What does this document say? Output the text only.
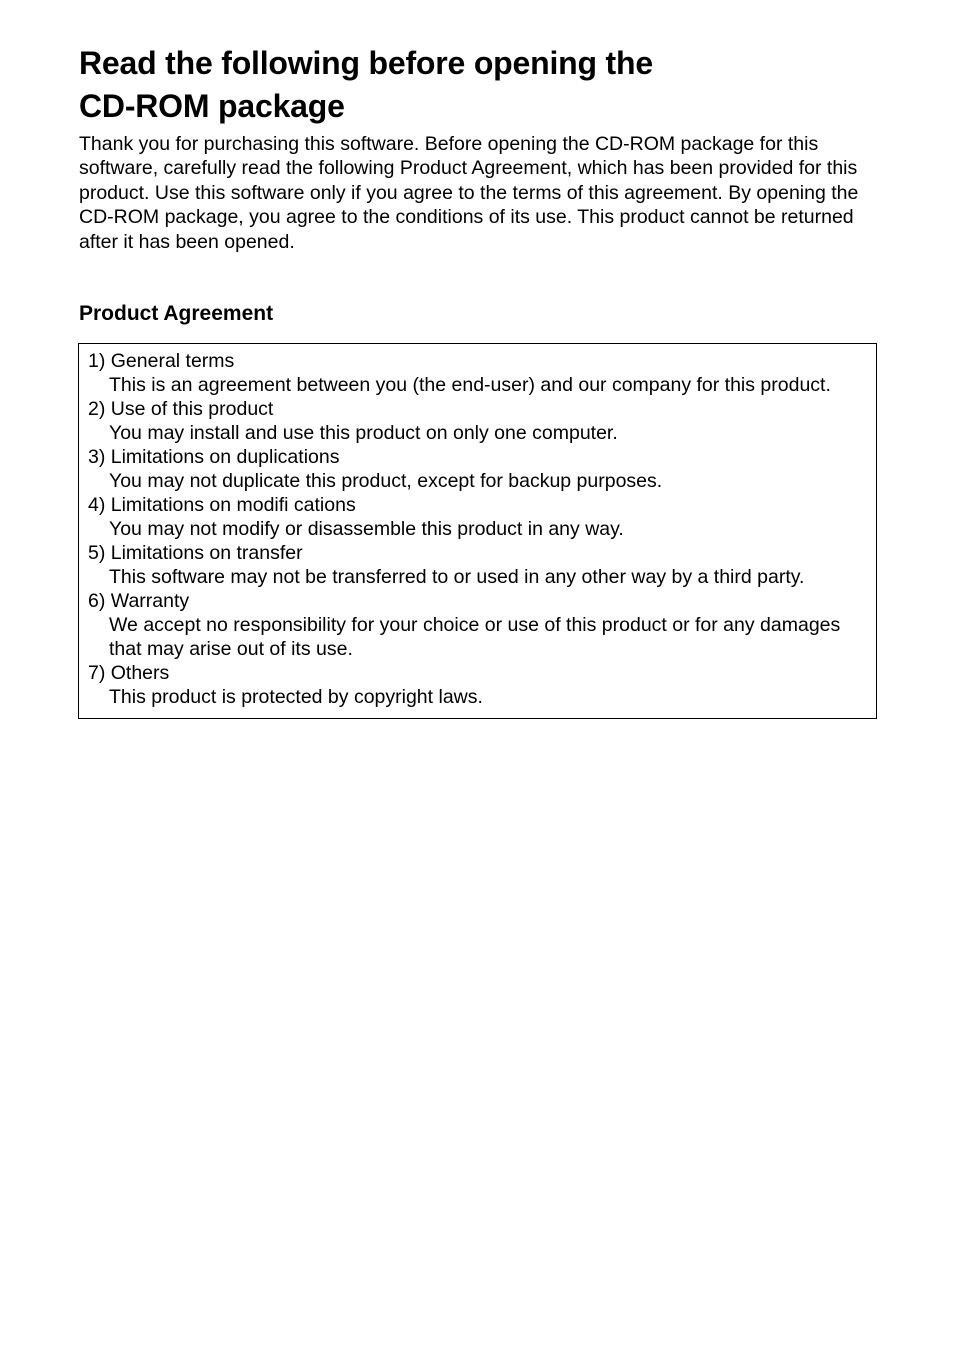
Read the following before opening the
CD-ROM package

Thank you for purchasing this software. Before opening the CD-ROM package for this software, carefully read the following Product Agreement, which has been provided for this product. Use this software only if you agree to the terms of this agreement. By opening the CD-ROM package, you agree to the conditions of its use. This product cannot be returned after it has been opened.

Product Agreement
1) General terms
This is an agreement between you (the end-user) and our company for this product.
2) Use of this product
You may install and use this product on only one computer.
3) Limitations on duplications
You may not duplicate this product, except for backup purposes.
4) Limitations on modifi cations
You may not modify or disassemble this product in any way.
5) Limitations on transfer
This software may not be transferred to or used in any other way by a third party.
6) Warranty
We accept no responsibility for your choice or use of this product or for any damages that may arise out of its use.
7) Others
This product is protected by copyright laws.
